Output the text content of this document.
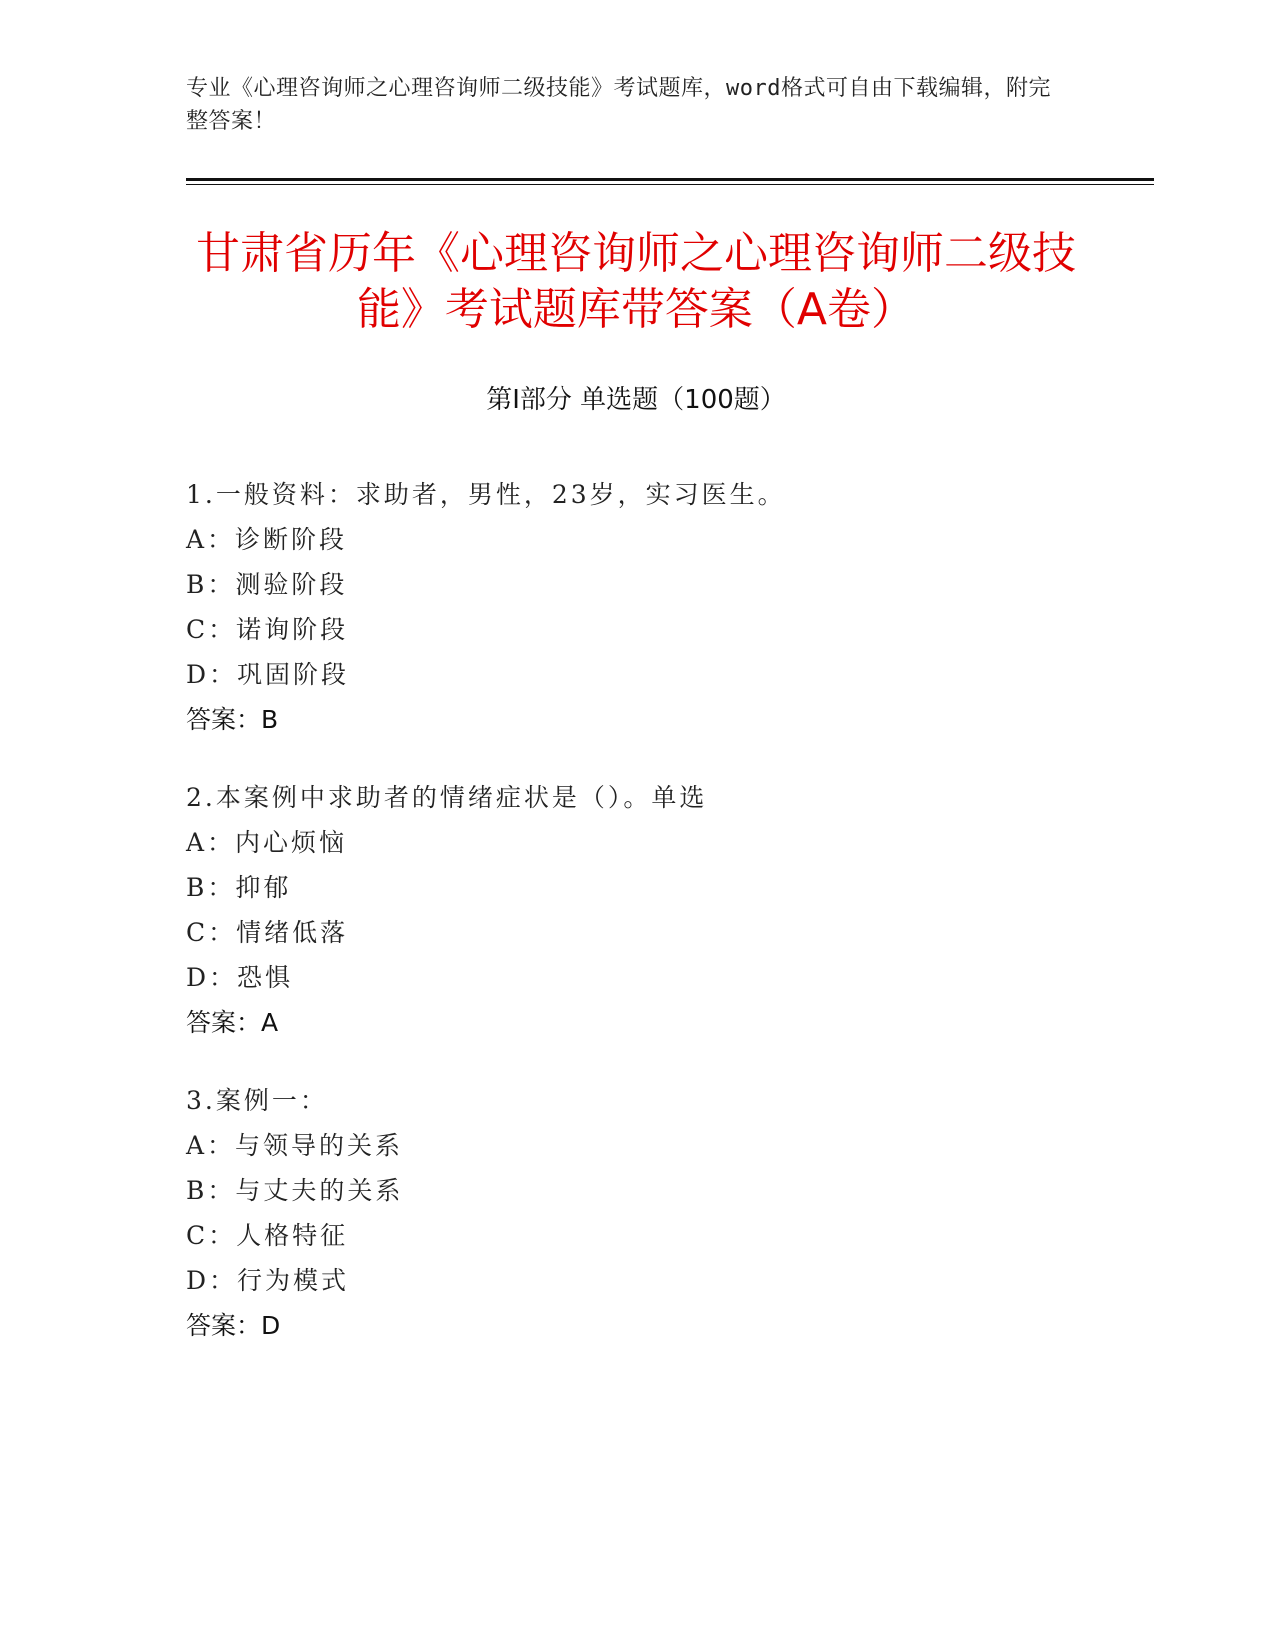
专业《心理咨询师之心理咨询师二级技能》考试题库，word格式可自由下载编辑，附完整答案！
甘肃省历年《心理咨询师之心理咨询师二级技能》考试题库带答案（A卷）
第I部分 单选题（100题）
1.一般资料：求助者，男性，23岁，实习医生。
A：诊断阶段
B：测验阶段
C：诺询阶段
D：巩固阶段
答案：B
2.本案例中求助者的情绪症状是（）。单选
A：内心烦恼
B：抑郁
C：情绪低落
D：恐惧
答案：A
3.案例一：
A：与领导的关系
B：与丈夫的关系
C：人格特征
D：行为模式
答案：D
